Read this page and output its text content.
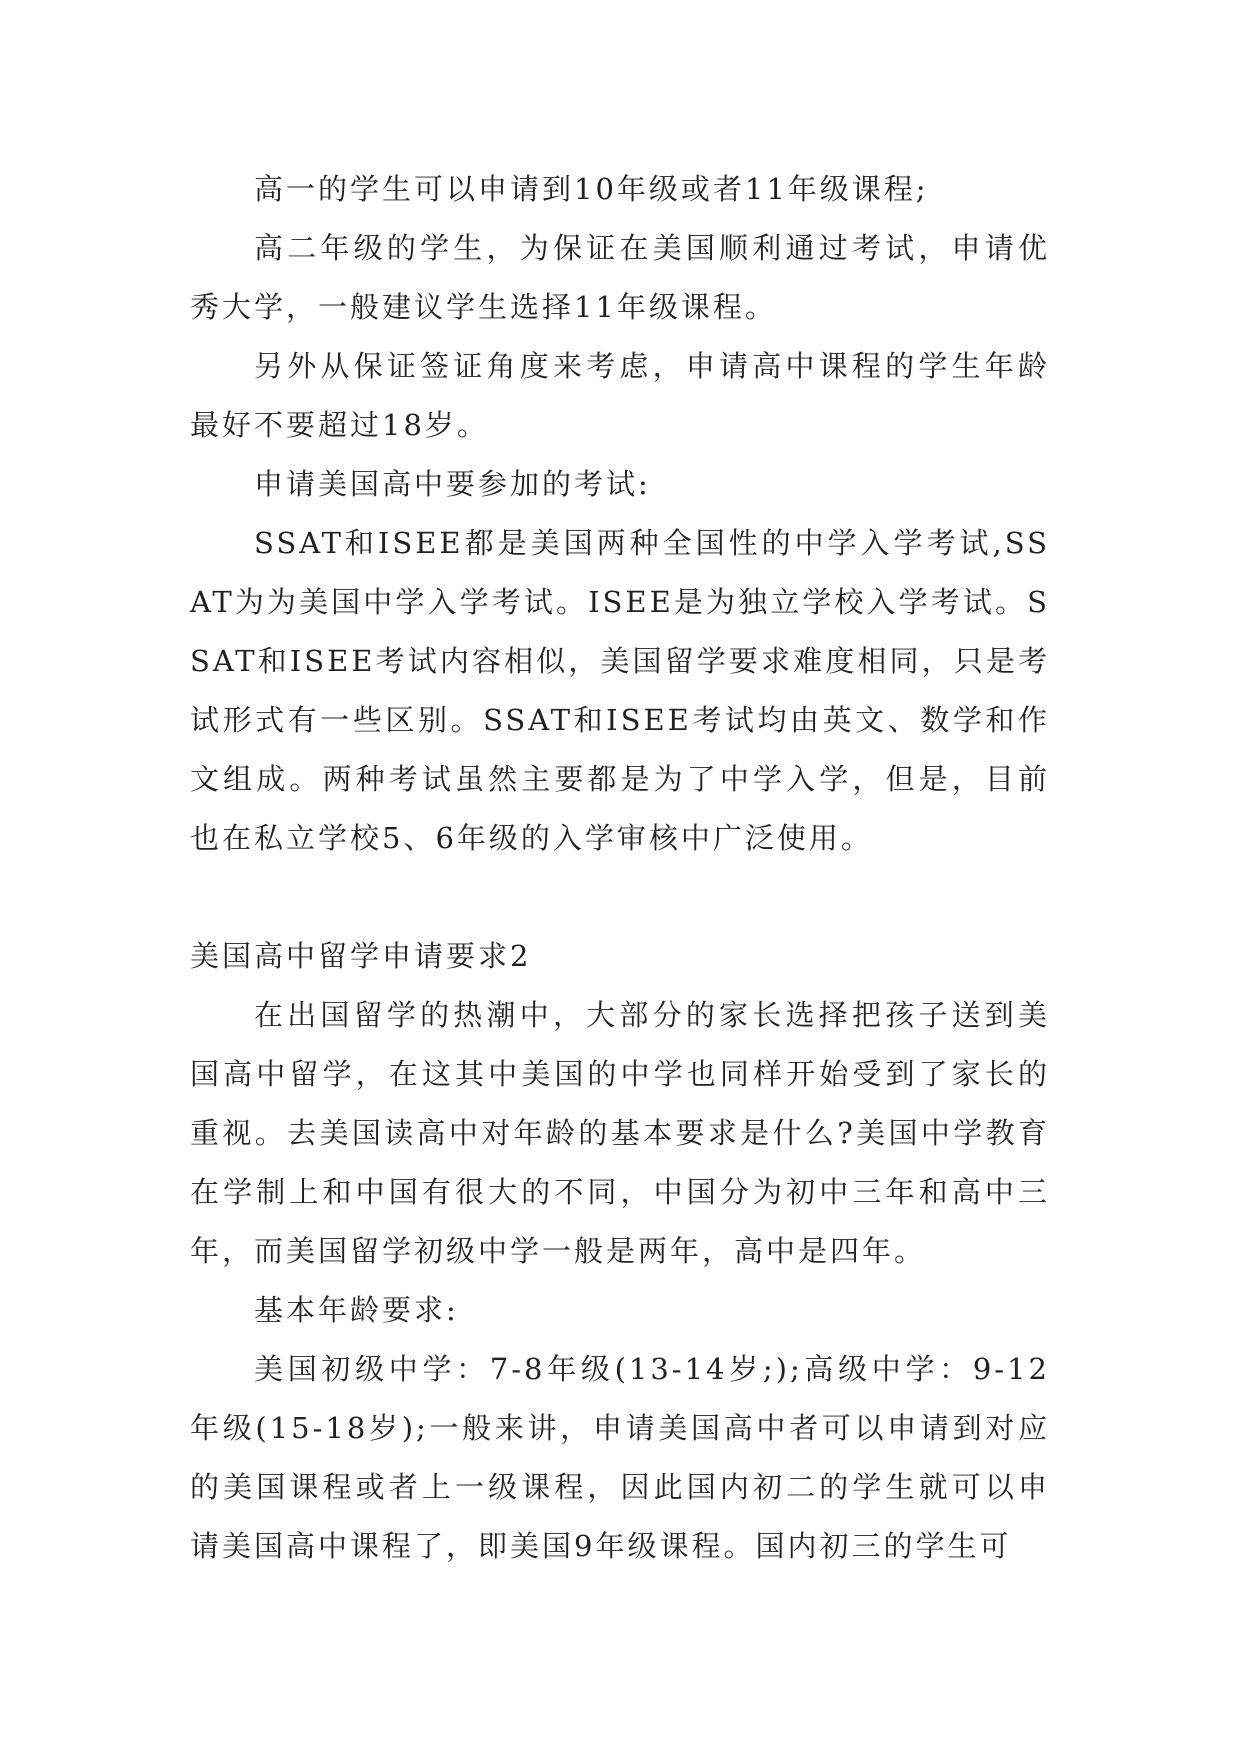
高一的学生可以申请到10年级或者11年级课程;

高二年级的学生，为保证在美国顺利通过考试，申请优秀大学，一般建议学生选择11年级课程。

另外从保证签证角度来考虑，申请高中课程的学生年龄最好不要超过18岁。

申请美国高中要参加的考试:

SSAT和ISEE都是美国两种全国性的中学入学考试,SSAT为为美国中学入学考试。ISEE是为独立学校入学考试。SSAT和ISEE考试内容相似，美国留学要求难度相同，只是考试形式有一些区别。SSAT和ISEE考试均由英文、数学和作文组成。两种考试虽然主要都是为了中学入学，但是，目前也在私立学校5、6年级的入学审核中广泛使用。

美国高中留学申请要求2

在出国留学的热潮中，大部分的家长选择把孩子送到美国高中留学，在这其中美国的中学也同样开始受到了家长的重视。去美国读高中对年龄的基本要求是什么?美国中学教育在学制上和中国有很大的不同，中国分为初中三年和高中三年，而美国留学初级中学一般是两年，高中是四年。

基本年龄要求:

美国初级中学：7-8年级(13-14岁;);高级中学：9-12年级(15-18岁);一般来讲，申请美国高中者可以申请到对应的美国课程或者上一级课程，因此国内初二的学生就可以申请美国高中课程了，即美国9年级课程。国内初三的学生可
